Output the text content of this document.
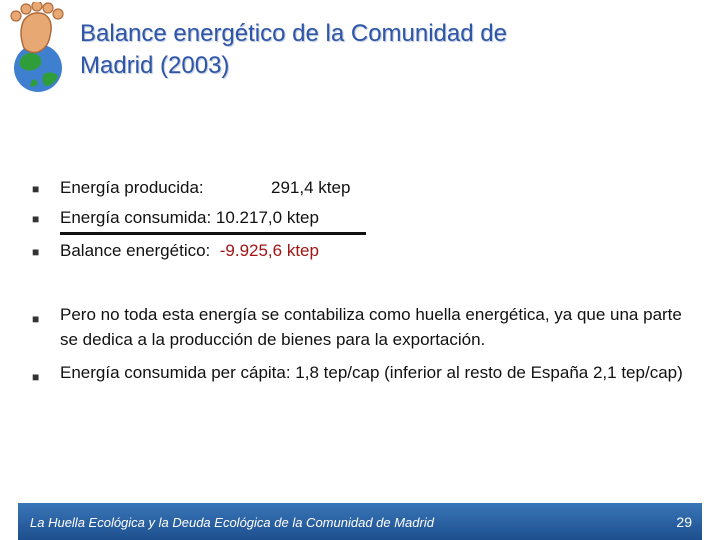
Balance energético de la Comunidad de
Madrid (2003)
■ Energía producida:	291,4 ktep
■ Energía consumida: 10.217,0 ktep
■ Balance energético: -9.925,6 ktep
■ Pero no toda esta energía se contabiliza como huella energética, ya que una parte se dedica a la producción de bienes para la exportación.
■ Energía consumida per cápita: 1,8 tep/cap (inferior al resto de España 2,1 tep/cap)
La Huella Ecológica y la Deuda Ecológica de la Comunidad de Madrid	29
